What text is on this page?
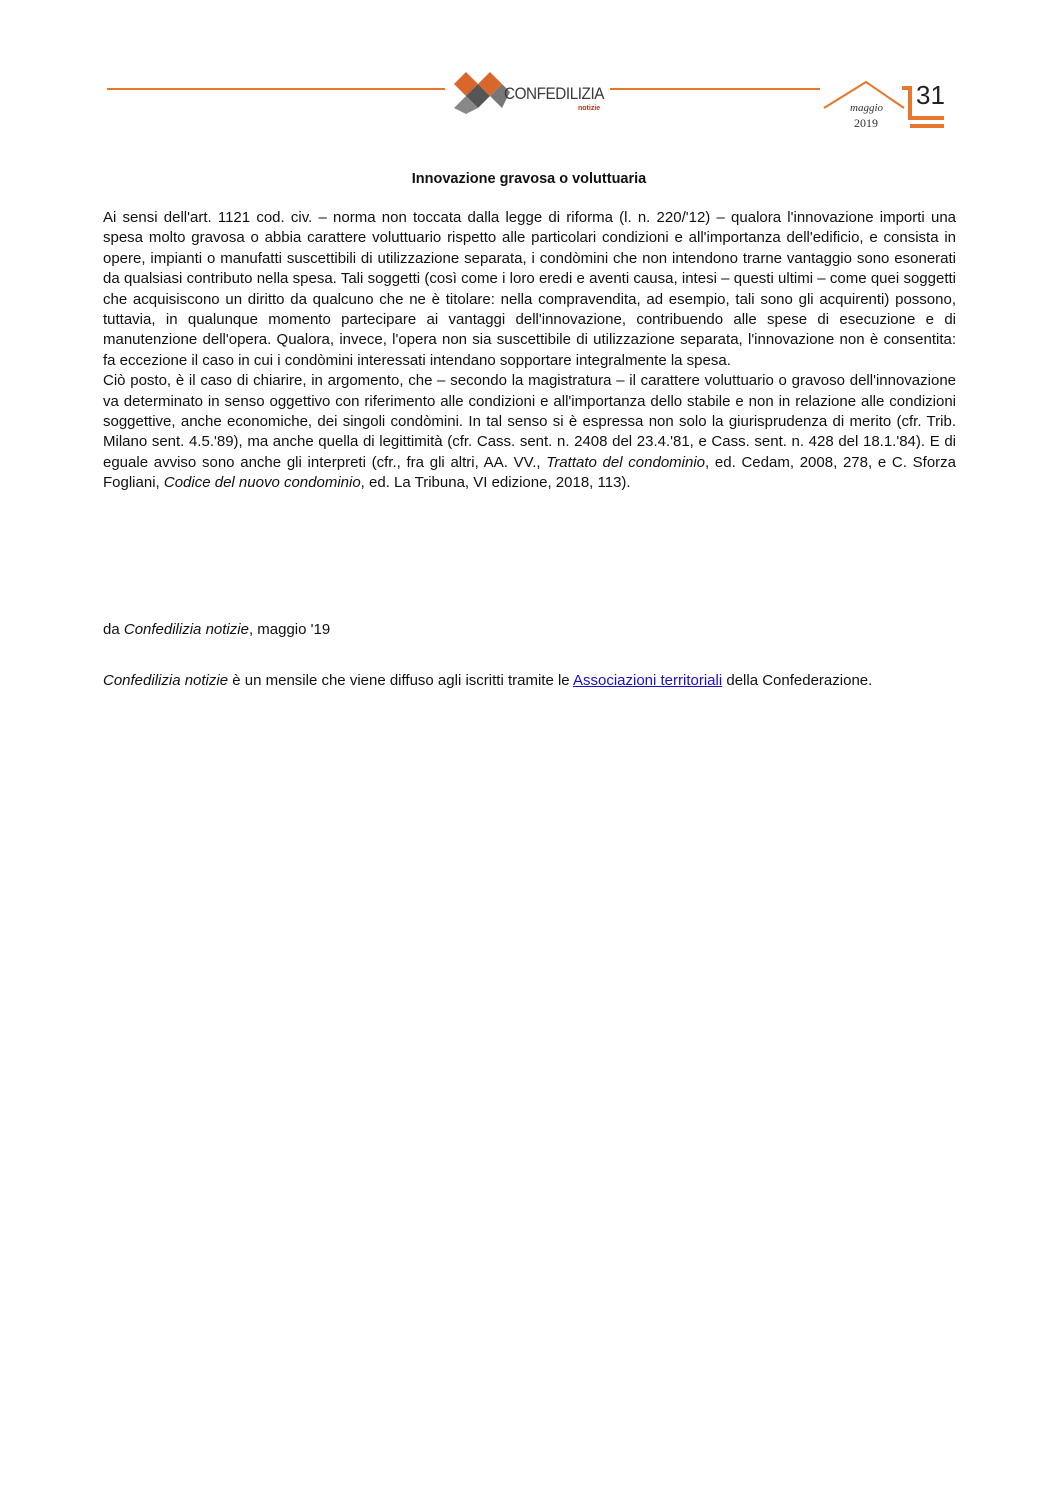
CONFEDILIZIA
notizie	31
maggio
2019
Innovazione gravosa o voluttuaria

Ai sensi dell'art. 1121 cod. civ. – norma non toccata dalla legge di riforma (l. n. 220/'12) – qualora l'innovazione importi una spesa molto gravosa o abbia carattere voluttuario rispetto alle particolari condizioni e all'importanza dell'edificio, e consista in opere, impianti o manufatti suscettibili di utilizzazione separata, i condòmini che non intendono trarne vantaggio sono esonerati da qualsiasi contributo nella spesa. Tali soggetti (così come i loro eredi e aventi causa, intesi – questi ultimi – come quei soggetti che acquisiscono un diritto da qualcuno che ne è titolare: nella compravendita, ad esempio, tali sono gli acquirenti) possono, tuttavia, in qualunque momento partecipare ai vantaggi dell'innovazione, contribuendo alle spese di esecuzione e di manutenzione dell'opera. Qualora, invece, l'opera non sia suscettibile di utilizzazione separata, l'innovazione non è consentita: fa eccezione il caso in cui i condòmini interessati intendano sopportare integralmente la spesa.

Ciò posto, è il caso di chiarire, in argomento, che – secondo la magistratura – il carattere voluttuario o gravoso dell'innovazione va determinato in senso oggettivo con riferimento alle condizioni e all'importanza dello stabile e non in relazione alle condizioni soggettive, anche economiche, dei singoli condòmini. In tal senso si è espressa non solo la giurisprudenza di merito (cfr. Trib. Milano sent. 4.5.'89), ma anche quella di legittimità (cfr. Cass. sent. n. 2408 del 23.4.'81, e Cass. sent. n. 428 del 18.1.'84). E di eguale avviso sono anche gli interpreti (cfr., fra gli altri, AA. VV., Trattato del condominio, ed. Cedam, 2008, 278, e C. Sforza Fogliani, Codice del nuovo condominio, ed. La Tribuna, VI edizione, 2018, 113).

da Confedilizia notizie, maggio '19
Confedilizia notizie è un mensile che viene diffuso agli iscritti tramite le Associazioni territoriali della Confederazione.
